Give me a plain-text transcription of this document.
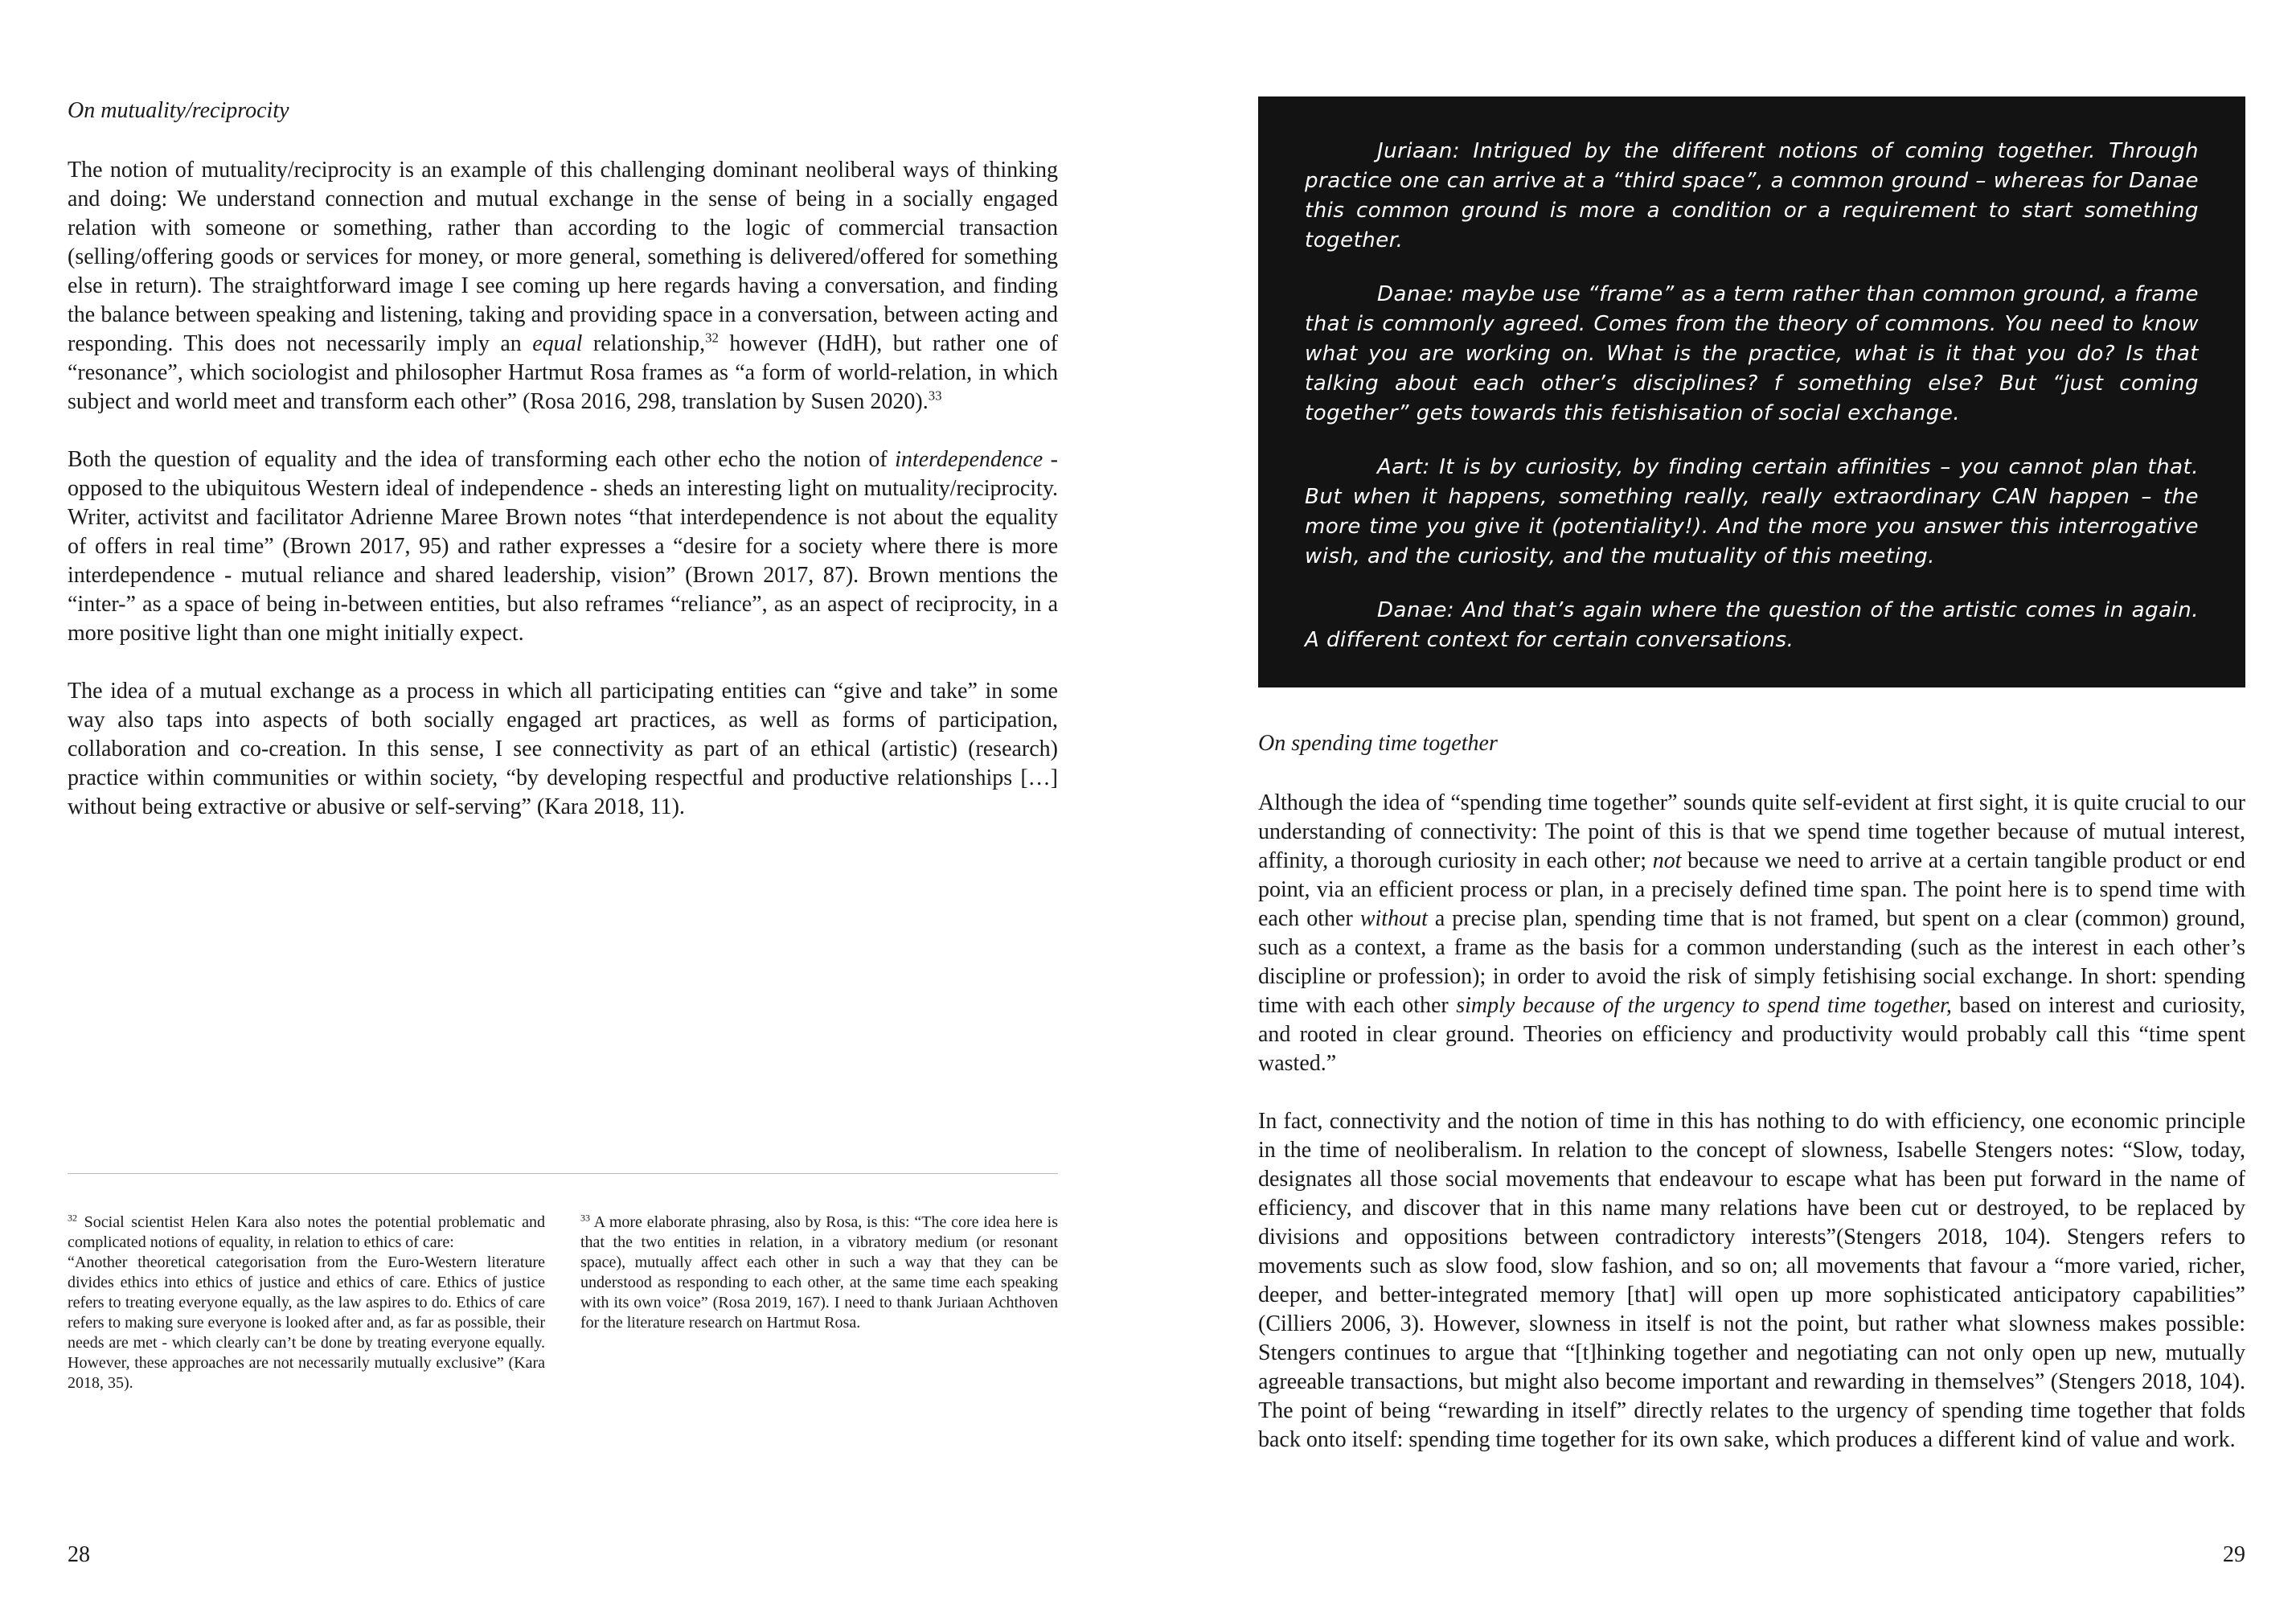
On mutuality/reciprocity

The notion of mutuality/reciprocity is an example of this challenging dominant neoliberal ways of thinking and doing: We understand connection and mutual exchange in the sense of being in a socially engaged relation with someone or something, rather than according to the logic of commercial transaction (selling/offering goods or services for money, or more general, something is delivered/offered for something else in return). The straightforward image I see coming up here regards having a conversation, and finding the balance between speaking and listening, taking and providing space in a conversation, between acting and responding. This does not necessarily imply an equal relationship,$^{32}$ however (HdH), but rather one of “resonance”, which sociologist and philosopher Hartmut Rosa frames as “a form of world-relation, in which subject and world meet and transform each other” (Rosa 2016, 298, translation by Susen 2020).$^{33}$

Both the question of equality and the idea of transforming each other echo the notion of interdependence - opposed to the ubiquitous Western ideal of independence - sheds an interesting light on mutuality/reciprocity. Writer, activitst and facilitator Adrienne Maree Brown notes “that interdependence is not about the equality of offers in real time” (Brown 2017, 95) and rather expresses a “desire for a society where there is more interdependence - mutual reliance and shared leadership, vision” (Brown 2017, 87). Brown mentions the “inter-” as a space of being in-between entities, but also reframes “reliance”, as an aspect of reciprocity, in a more positive light than one might initially expect.

The idea of a mutual exchange as a process in which all participating entities can “give and take” in some way also taps into aspects of both socially engaged art practices, as well as forms of participation, collaboration and co-creation. In this sense, I see connectivity as part of an ethical (artistic) (research) practice within communities or within society, “by developing respectful and productive relationships […] without being extractive or abusive or self-serving” (Kara 2018, 11).

$^{32}$ Social scientist Helen Kara also notes the potential problematic and complicated notions of equality, in relation to ethics of care:

“Another theoretical categorisation from the Euro-Western literature divides ethics into ethics of justice and ethics of care. Ethics of justice refers to treating everyone equally, as the law aspires to do. Ethics of care refers to making sure everyone is looked after and, as far as possible, their needs are met - which clearly can’t be done by treating everyone equally. However, these approaches are not necessarily mutually exclusive” (Kara 2018, 35).

$^{33}$ A more elaborate phrasing, also by Rosa, is this: “The core idea here is that the two entities in relation, in a vibratory medium (or resonant space), mutually affect each other in such a way that they can be understood as responding to each other, at the same time each speaking with its own voice” (Rosa 2019, 167). I need to thank Juriaan Achthoven for the literature research on Hartmut Rosa.

28

Juriaan: Intrigued by the different notions of coming together. Through practice one can arrive at a “third space”, a common ground – whereas for Danae this common ground is more a condition or a requirement to start something together.

Danae: maybe use “frame” as a term rather than common ground, a frame that is commonly agreed. Comes from the theory of commons. You need to know what you are working on. What is the practice, what is it that you do? Is that talking about each other’s disciplines? f something else? But “just coming together” gets towards this fetishisation of social exchange.

Aart: It is by curiosity, by finding certain affinities – you cannot plan that. But when it happens, something really, really extraordinary CAN happen – the more time you give it (potentiality!). And the more you answer this interrogative wish, and the curiosity, and the mutuality of this meeting.

Danae: And that’s again where the question of the artistic comes in again. A different context for certain conversations.

On spending time together

Although the idea of “spending time together” sounds quite self-evident at first sight, it is quite crucial to our understanding of connectivity: The point of this is that we spend time together because of mutual interest, affinity, a thorough curiosity in each other; not because we need to arrive at a certain tangible product or end point, via an efficient process or plan, in a precisely defined time span. The point here is to spend time with each other without a precise plan, spending time that is not framed, but spent on a clear (common) ground, such as a context, a frame as the basis for a common understanding (such as the interest in each other’s discipline or profession); in order to avoid the risk of simply fetishising social exchange. In short: spending time with each other simply because of the urgency to spend time together, based on interest and curiosity, and rooted in clear ground. Theories on efficiency and productivity would probably call this “time spent wasted.”

In fact, connectivity and the notion of time in this has nothing to do with efficiency, one economic principle in the time of neoliberalism. In relation to the concept of slowness, Isabelle Stengers notes: “Slow, today, designates all those social movements that endeavour to escape what has been put forward in the name of efficiency, and discover that in this name many relations have been cut or destroyed, to be replaced by divisions and oppositions between contradictory interests”(Stengers 2018, 104). Stengers refers to movements such as slow food, slow fashion, and so on; all movements that favour a “more varied, richer, deeper, and better-integrated memory [that] will open up more sophisticated anticipatory capabilities” (Cilliers 2006, 3). However, slowness in itself is not the point, but rather what slowness makes possible: Stengers continues to argue that “[t]hinking together and negotiating can not only open up new, mutually agreeable transactions, but might also become important and rewarding in themselves” (Stengers 2018, 104). The point of being “rewarding in itself” directly relates to the urgency of spending time together that folds back onto itself: spending time together for its own sake, which produces a different kind of value and work.

29
